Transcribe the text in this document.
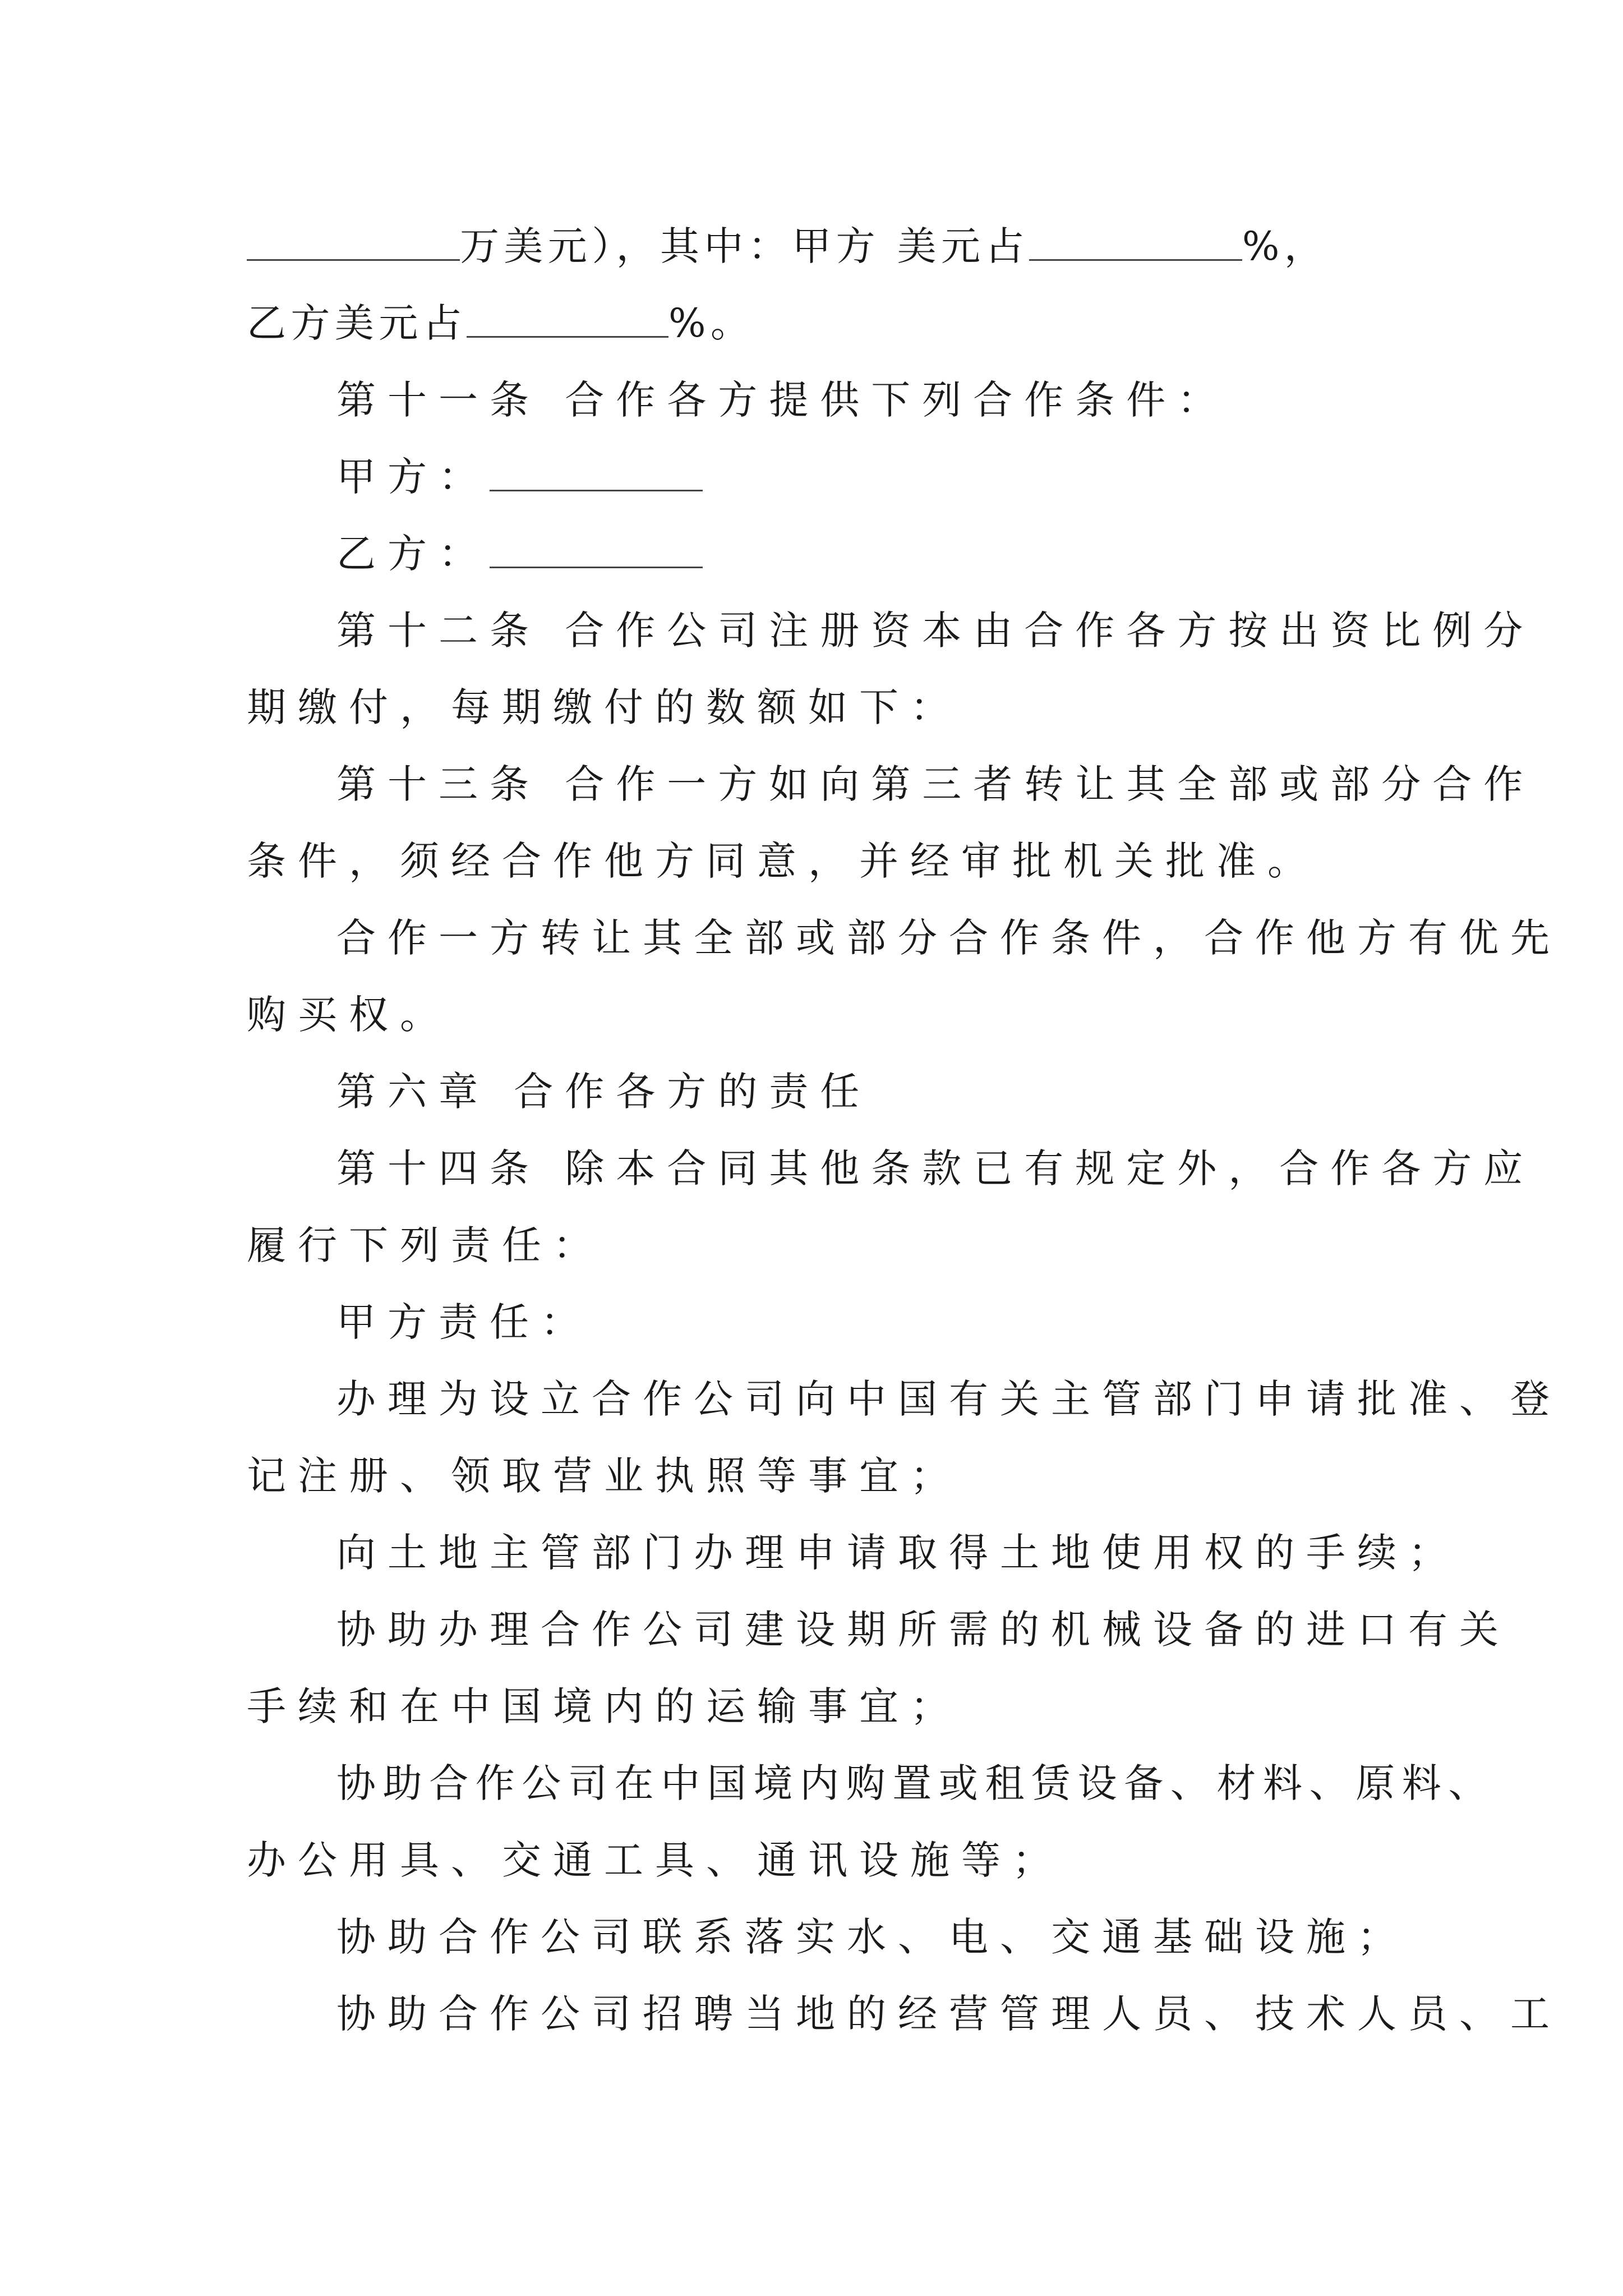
万美元），其中：甲方 美元占	%，
乙方美元占	%。
第十一条 合作各方提供下列合作条件：
甲方：
乙方：
第十二条 合作公司注册资本由合作各方按出资比例分
期缴付，每期缴付的数额如下：
第十三条 合作一方如向第三者转让其全部或部分合作
条件，须经合作他方同意，并经审批机关批准。
合作一方转让其全部或部分合作条件，合作他方有优先
购买权。
第六章 合作各方的责任
第十四条 除本合同其他条款已有规定外，合作各方应
履行下列责任：
甲方责任：
办理为设立合作公司向中国有关主管部门申请批准、登
记注册、领取营业执照等事宜；
向土地主管部门办理申请取得土地使用权的手续；
协助办理合作公司建设期所需的机械设备的进口有关
手续和在中国境内的运输事宜；
协助合作公司在中国境内购置或租赁设备、材料、原料、
办公用具、交通工具、通讯设施等；
协助合作公司联系落实水、电、交通基础设施；
协助合作公司招聘当地的经营管理人员、技术人员、工
